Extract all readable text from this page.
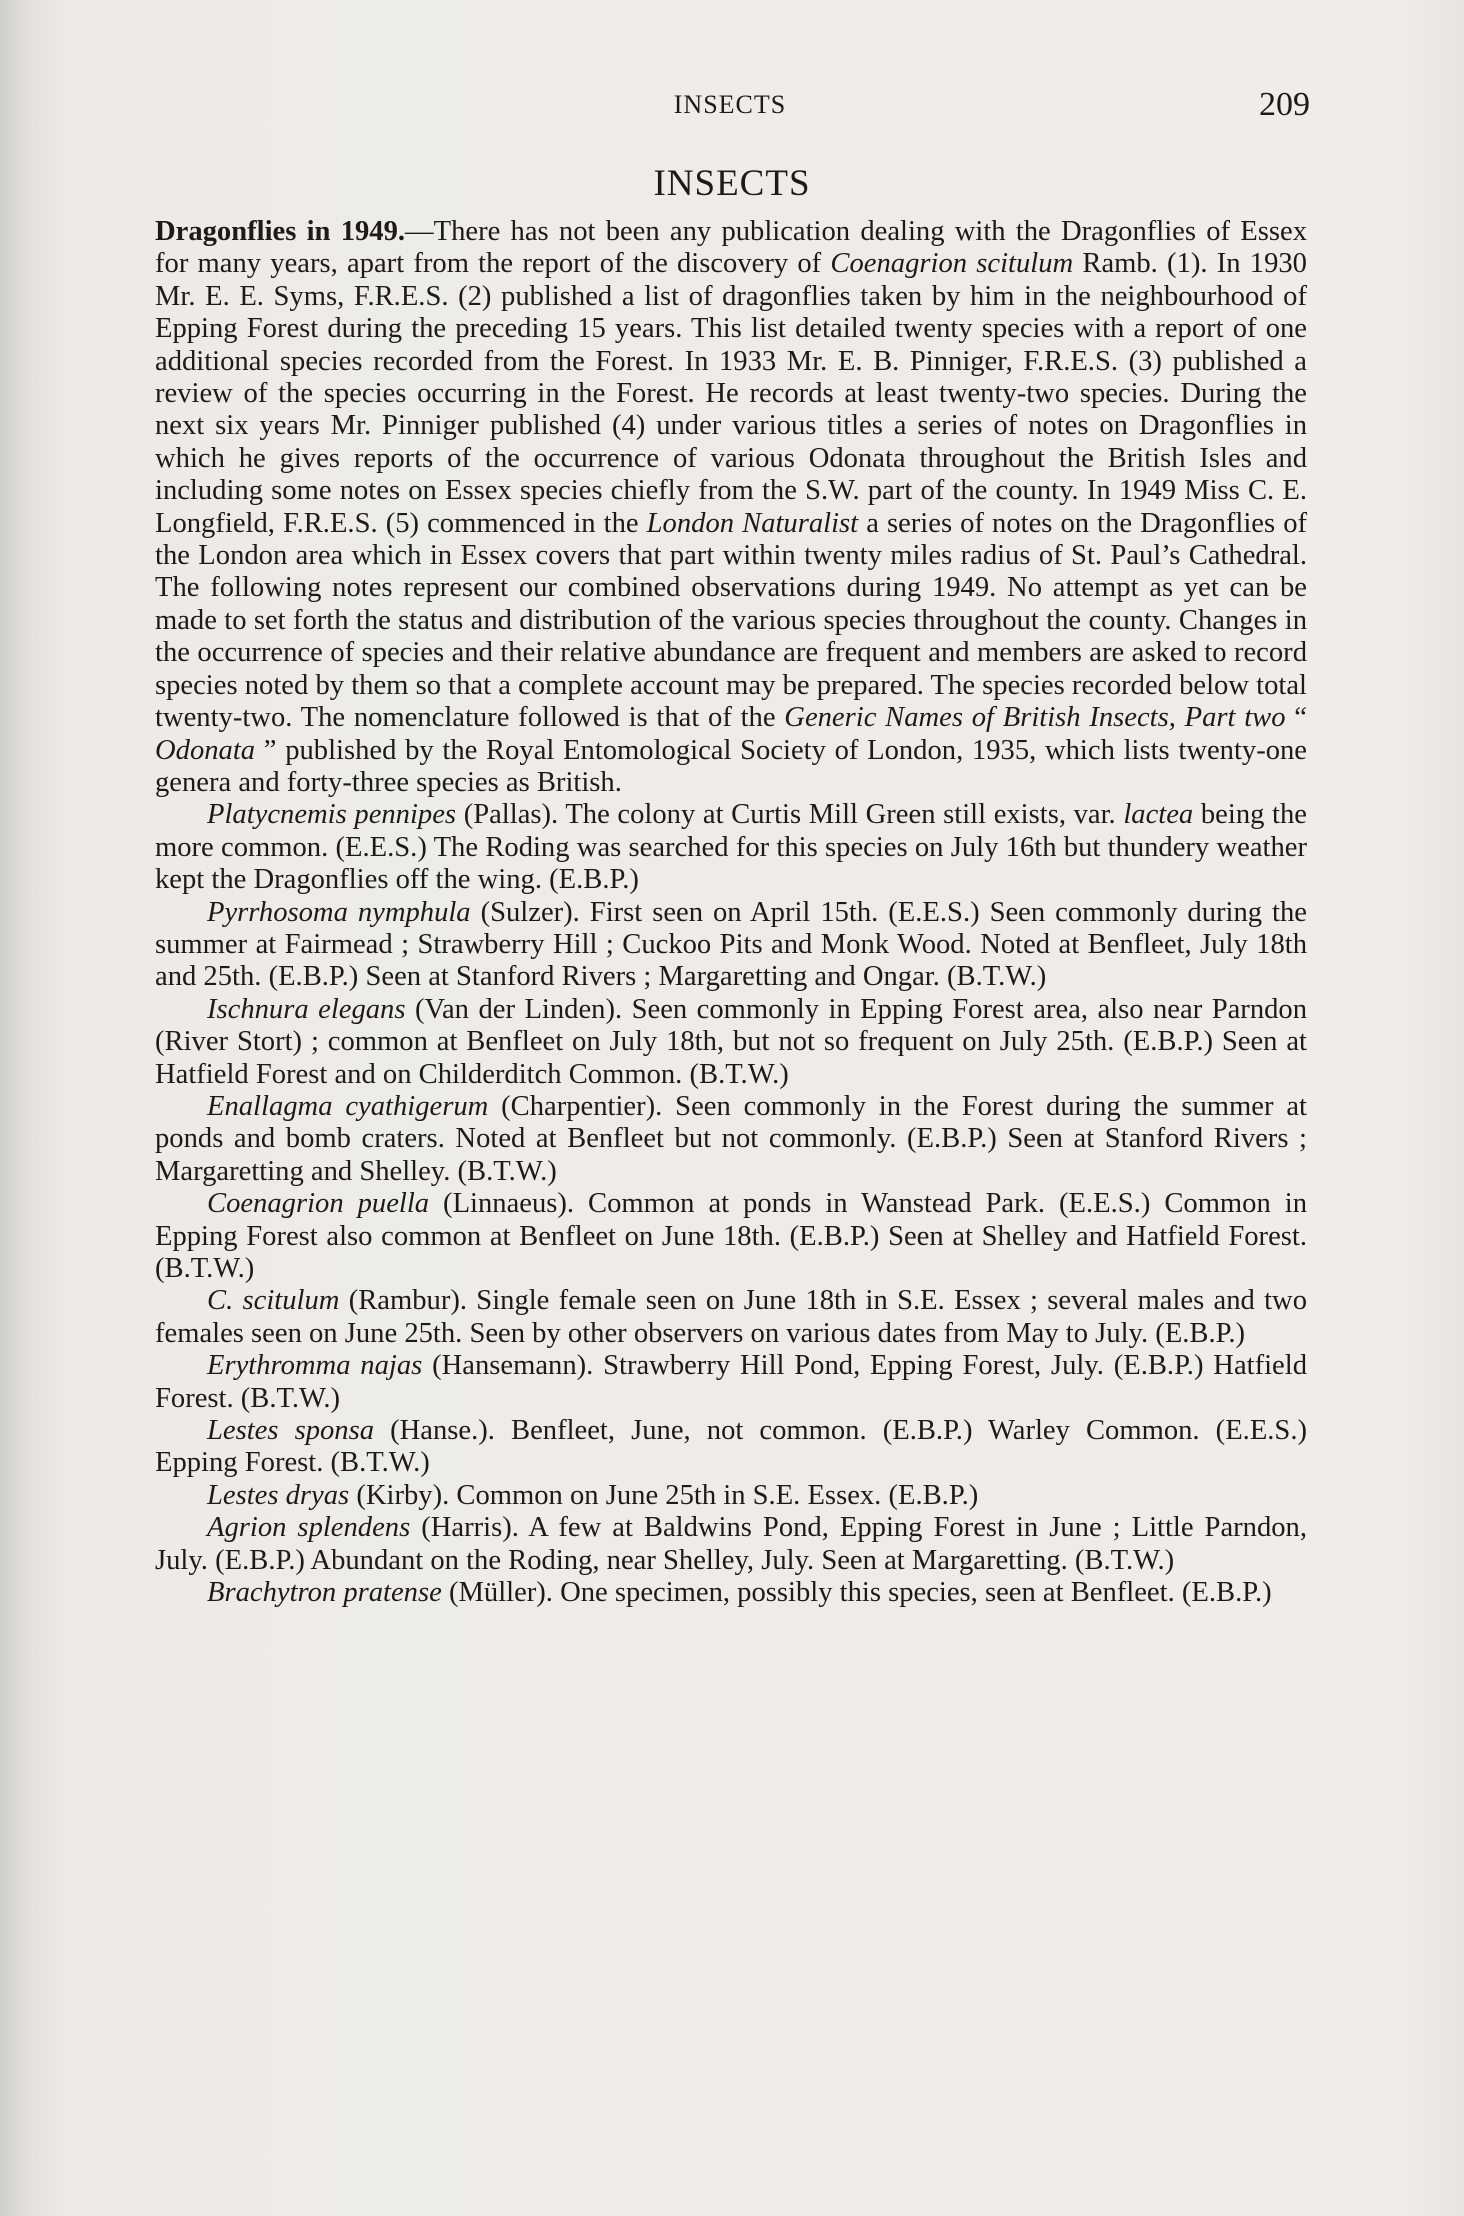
INSECTS	209
INSECTS

Dragonflies in 1949.—There has not been any publication dealing with the Dragonflies of Essex for many years, apart from the report of the discovery of Coenagrion scitulum Ramb. (1). In 1930 Mr. E. E. Syms, F.R.E.S. (2) published a list of dragonflies taken by him in the neighbourhood of Epping Forest during the preceding 15 years. This list detailed twenty species with a report of one additional species recorded from the Forest. In 1933 Mr. E. B. Pinniger, F.R.E.S. (3) published a review of the species occurring in the Forest. He records at least twenty-two species. During the next six years Mr. Pinniger published (4) under various titles a series of notes on Dragonflies in which he gives reports of the occurrence of various Odonata throughout the British Isles and including some notes on Essex species chiefly from the S.W. part of the county. In 1949 Miss C. E. Longfield, F.R.E.S. (5) commenced in the London Naturalist a series of notes on the Dragonflies of the London area which in Essex covers that part within twenty miles radius of St. Paul’s Cathedral. The following notes represent our combined observations during 1949. No attempt as yet can be made to set forth the status and distribution of the various species throughout the county. Changes in the occurrence of species and their relative abundance are frequent and members are asked to record species noted by them so that a complete account may be prepared. The species recorded below total twenty-two. The nomenclature followed is that of the Generic Names of British Insects, Part two “ Odonata ” published by the Royal Entomological Society of London, 1935, which lists twenty-one genera and forty-three species as British.

Platycnemis pennipes (Pallas). The colony at Curtis Mill Green still exists, var. lactea being the more common. (E.E.S.) The Roding was searched for this species on July 16th but thundery weather kept the Dragonflies off the wing. (E.B.P.)

Pyrrhosoma nymphula (Sulzer). First seen on April 15th. (E.E.S.) Seen commonly during the summer at Fairmead ; Strawberry Hill ; Cuckoo Pits and Monk Wood. Noted at Benfleet, July 18th and 25th. (E.B.P.) Seen at Stanford Rivers ; Margaretting and Ongar. (B.T.W.)

Ischnura elegans (Van der Linden). Seen commonly in Epping Forest area, also near Parndon (River Stort) ; common at Benfleet on July 18th, but not so frequent on July 25th. (E.B.P.) Seen at Hatfield Forest and on Childerditch Common. (B.T.W.)

Enallagma cyathigerum (Charpentier). Seen commonly in the Forest during the summer at ponds and bomb craters. Noted at Benfleet but not commonly. (E.B.P.) Seen at Stanford Rivers ; Margaretting and Shelley. (B.T.W.)

Coenagrion puella (Linnaeus). Common at ponds in Wanstead Park. (E.E.S.) Common in Epping Forest also common at Benfleet on June 18th. (E.B.P.) Seen at Shelley and Hatfield Forest. (B.T.W.)

C. scitulum (Rambur). Single female seen on June 18th in S.E. Essex ; several males and two females seen on June 25th. Seen by other observers on various dates from May to July. (E.B.P.)

Erythromma najas (Hansemann). Strawberry Hill Pond, Epping Forest, July. (E.B.P.) Hatfield Forest. (B.T.W.)

Lestes sponsa (Hanse.). Benfleet, June, not common. (E.B.P.) Warley Common. (E.E.S.) Epping Forest. (B.T.W.)

Lestes dryas (Kirby). Common on June 25th in S.E. Essex. (E.B.P.)

Agrion splendens (Harris). A few at Baldwins Pond, Epping Forest in June ; Little Parndon, July. (E.B.P.) Abundant on the Roding, near Shelley, July. Seen at Margaretting. (B.T.W.)

Brachytron pratense (Müller). One specimen, possibly this species, seen at Benfleet. (E.B.P.)
